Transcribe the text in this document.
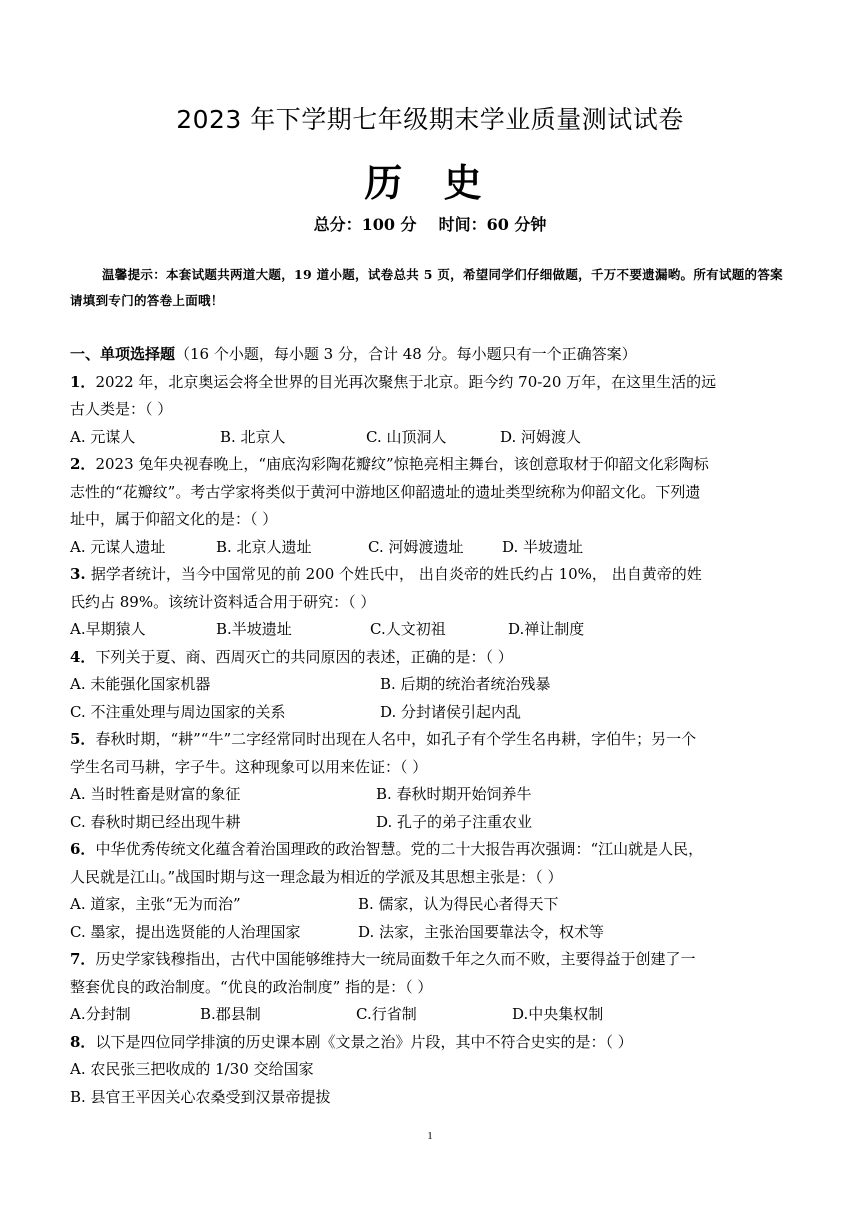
2023 年下学期七年级期末学业质量测试试卷
历 史
总分：100 分 时间：60 分钟
温馨提示：本套试题共两道大题，19 道小题，试卷总共 5 页，希望同学们仔细做题，千万不要遗漏哟。所有试题的答案请填到专门的答卷上面哦！
一、单项选择题（16 个小题，每小题 3 分，合计 48 分。每小题只有一个正确答案）
1．2022 年，北京奥运会将全世界的目光再次聚焦于北京。距今约 70-20 万年，在这里生活的远
古人类是：（ ）
A. 元谋人	B. 北京人	C. 山顶洞人	D. 河姆渡人
2．2023 兔年央视春晚上，“庙底沟彩陶花瓣纹”惊艳亮相主舞台，该创意取材于仰韶文化彩陶标
志性的“花瓣纹”。考古学家将类似于黄河中游地区仰韶遗址的遗址类型统称为仰韶文化。下列遗
址中，属于仰韶文化的是：（ ）
A. 元谋人遗址	B. 北京人遗址	C. 河姆渡遗址	D. 半坡遗址
3. 据学者统计，当今中国常见的前 200 个姓氏中， 出自炎帝的姓氏约占 10%， 出自黄帝的姓
氏约占 89%。该统计资料适合用于研究：（ ）
A.早期猿人	B.半坡遗址	C.人文初祖	D.禅让制度
4．下列关于夏、商、西周灭亡的共同原因的表述，正确的是：（ ）
A. 未能强化国家机器	B. 后期的统治者统治残暴
C. 不注重处理与周边国家的关系	D. 分封诸侯引起内乱
5．春秋时期，“耕”“牛”二字经常同时出现在人名中，如孔子有个学生名冉耕，字伯牛；另一个
学生名司马耕，字子牛。这种现象可以用来佐证：（ ）
A. 当时牲畜是财富的象征	B. 春秋时期开始饲养牛
C. 春秋时期已经出现牛耕	D. 孔子的弟子注重农业
6．中华优秀传统文化蕴含着治国理政的政治智慧。党的二十大报告再次强调：“江山就是人民，
人民就是江山。”战国时期与这一理念最为相近的学派及其思想主张是：（ ）
A. 道家，主张“无为而治”	B. 儒家，认为得民心者得天下
C. 墨家，提出选贤能的人治理国家	D. 法家，主张治国要靠法令，权术等
7．历史学家钱穆指出，古代中国能够维持大一统局面数千年之久而不败，主要得益于创建了一
整套优良的政治制度。“优良的政治制度” 指的是：（ ）
A.分封制	B.郡县制	C.行省制	D.中央集权制
8．以下是四位同学排演的历史课本剧《文景之治》片段，其中不符合史实的是：（ ）
A. 农民张三把收成的 1/30 交给国家
B. 县官王平因关心农桑受到汉景帝提拔
1
